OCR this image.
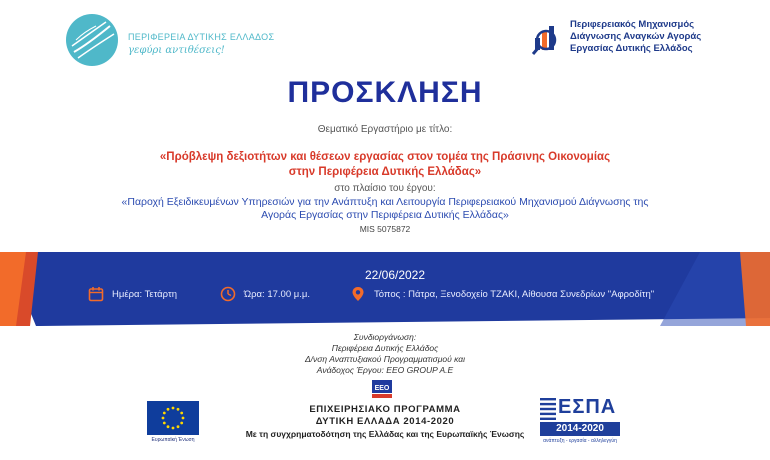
ΠΕΡΙΦΕΡΕΙΑ ΔΥΤΙΚΗΣ ΕΛΛΑΔΟΣ
γεφύρι αντιθέσεις!
Περιφερειακός Μηχανισμός
Διάγνωσης Αναγκών Αγοράς
Εργασίας Δυτικής Ελλάδος
ΠΡΟΣΚΛΗΣΗ
Θεματικό Εργαστήριο με τίτλο:
«Πρόβλεψη δεξιοτήτων και θέσεων εργασίας στον τομέα της Πράσινης Οικονομίας
στην Περιφέρεια Δυτικής Ελλάδας»
στο πλαίσιο του έργου:
«Παροχή Εξειδικευμένων Υπηρεσιών για την Ανάπτυξη και Λειτουργία Περιφερειακού Μηχανισμού Διάγνωσης της
Αγοράς Εργασίας στην Περιφέρεια Δυτικής Ελλάδας»
MIS 5075872
22/06/2022
Ημέρα: Τετάρτη	Ώρα: 17.00 μ.μ.	Τόπος : Πάτρα, Ξενοδοχείο ΤΖΑΚΙ, Αίθουσα Συνεδρίων "Αφροδίτη"
Συνδιοργάνωση:
Περιφέρεια Δυτικής Ελλάδος
Δ/νση Αναπτυξιακού Προγραμματισμού και
Ανάδοχος Έργου: EEO GROUP A.E
EEO
Ευρωπαϊκή Ένωση
ΕΠΙΧΕΙΡΗΣΙΑΚΟ ΠΡΟΓΡΑΜΜΑ
ΔΥΤΙΚΗ ΕΛΛΑΔΑ 2014-2020
Με τη συγχρηματοδότηση της Ελλάδας και της Ευρωπαϊκής Ένωσης
ΕΣΠΑ
2014-2020
ανάπτυξη - εργασία - αλληλεγγύη
